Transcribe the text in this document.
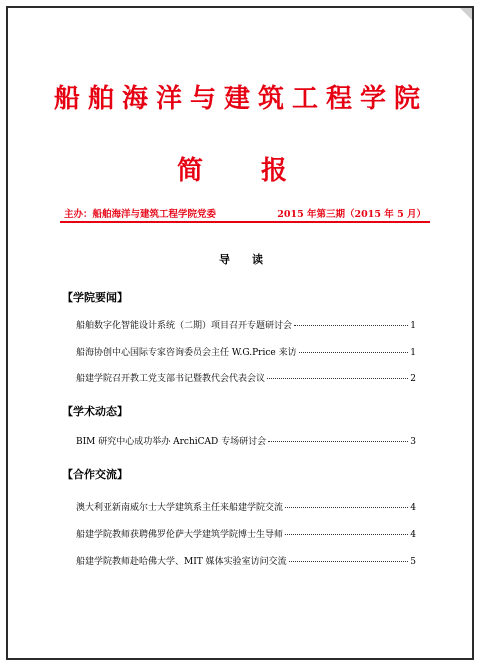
船舶海洋与建筑工程学院
简报
主办：船舶海洋与建筑工程学院党委	2015 年第三期（2015 年 5 月）
导读
【学院要闻】
船舶数字化智能设计系统（二期）项目召开专题研讨会	1
船海协创中心国际专家咨询委员会主任 W.G.Price 来访	1
船建学院召开教工党支部书记暨教代会代表会议	2
【学术动态】
BIM 研究中心成功举办 ArchiCAD 专场研讨会	3
【合作交流】
澳大利亚新南威尔士大学建筑系主任来船建学院交流	4
船建学院教师获聘佛罗伦萨大学建筑学院博士生导师	4
船建学院教师赴哈佛大学、MIT 媒体实验室访问交流	5
